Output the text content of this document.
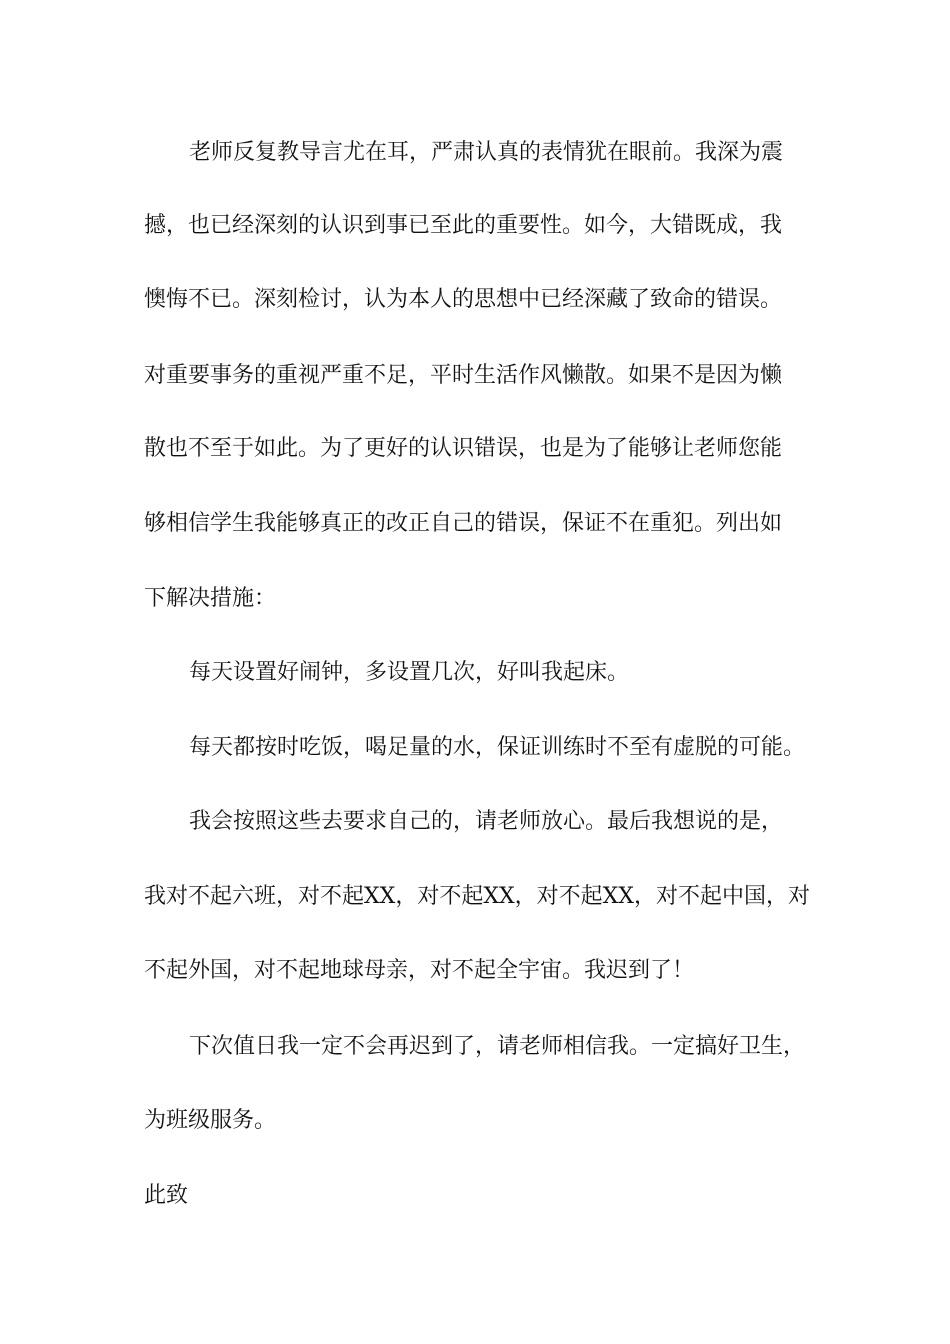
老师反复教导言尤在耳，严肃认真的表情犹在眼前。我深为震
撼，也已经深刻的认识到事已至此的重要性。如今，大错既成，我
懊悔不已。深刻检讨，认为本人的思想中已经深藏了致命的错误。
对重要事务的重视严重不足，平时生活作风懒散。如果不是因为懒
散也不至于如此。为了更好的认识错误，也是为了能够让老师您能
够相信学生我能够真正的改正自己的错误，保证不在重犯。列出如
下解决措施：
每天设置好闹钟，多设置几次，好叫我起床。
每天都按时吃饭，喝足量的水，保证训练时不至有虚脱的可能。
我会按照这些去要求自己的，请老师放心。最后我想说的是，
我对不起六班，对不起XX，对不起XX，对不起XX，对不起中国，对
不起外国，对不起地球母亲，对不起全宇宙。我迟到了！
下次值日我一定不会再迟到了，请老师相信我。一定搞好卫生，
为班级服务。
此致
